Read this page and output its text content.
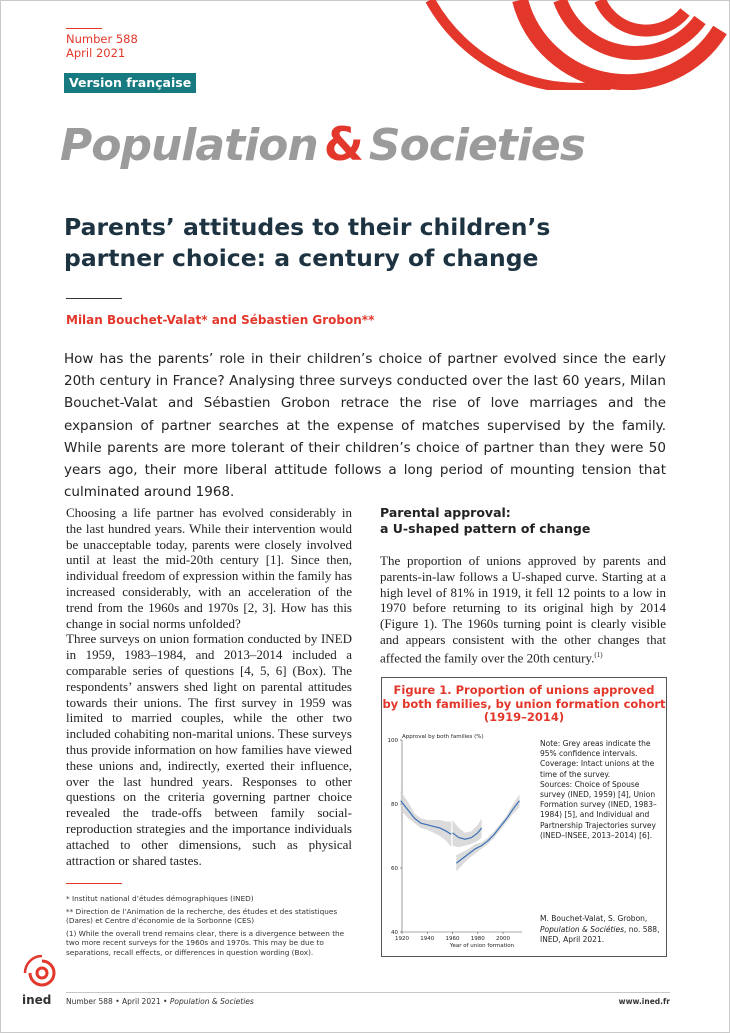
Number 588
April 2021
Version française
Population & Societies
Parents’ attitudes to their children’s partner choice: a century of change
Milan Bouchet-Valat* and Sébastien Grobon**
How has the parents’ role in their children’s choice of partner evolved since the early 20th century in France? Analysing three surveys conducted over the last 60 years, Milan Bouchet-Valat and Sébastien Grobon retrace the rise of love marriages and the expansion of partner searches at the expense of matches supervised by the family. While parents are more tolerant of their children’s choice of partner than they were 50 years ago, their more liberal attitude follows a long period of mounting tension that culminated around 1968.

Choosing a life partner has evolved considerably in the last hundred years. While their intervention would be unacceptable today, parents were closely involved until at least the mid-20th century [1]. Since then, individual freedom of expression within the family has increased considerably, with an acceleration of the trend from the 1960s and 1970s [2, 3]. How has this change in social norms unfolded?

Three surveys on union formation conducted by INED in 1959, 1983–1984, and 2013–2014 included a comparable series of questions [4, 5, 6] (Box). The respondents’ answers shed light on parental attitudes towards their unions. The first survey in 1959 was limited to married couples, while the other two included cohabiting non-marital unions. These surveys thus provide information on how families have viewed these unions and, indirectly, exerted their influence, over the last hundred years. Responses to other questions on the criteria governing partner choice revealed the trade-offs between family social-reproduction strategies and the importance individuals attached to other dimensions, such as physical attraction or shared tastes.

Parental approval:
a U-shaped pattern of change
The proportion of unions approved by parents and parents-in-law follows a U-shaped curve. Starting at a high level of 81% in 1919, it fell 12 points to a low in 1970 before returning to its original high by 2014 (Figure 1). The 1960s turning point is clearly visible and appears consistent with the other changes that affected the family over the 20th century.$^{(1)}$
Figure 1. Proportion of unions approved
by both families, by union formation cohort
(1919–2014)
40
60
80
100
1920 1940 1960 1980 2000
Approval by both families (%)
Year of union formation
Note: Grey areas indicate the 95% confidence intervals.
Coverage: Intact unions at the time of the survey.
Sources: Choice of Spouse survey (INED, 1959) [4], Union Formation survey (INED, 1983–1984) [5], and Individual and Partnership Trajectories survey (INED–INSEE, 2013–2014) [6].
M. Bouchet-Valat, S. Grobon,
Population & Sociéties, no. 588,
INED, April 2021.

* Institut national d’études démographiques (INED)

** Direction de l’Animation de la recherche, des études et des statistiques (Dares) et Centre d’économie de la Sorbonne (CES)

(1) While the overall trend remains clear, there is a divergence between the two more recent surveys for the 1960s and 1970s. This may be due to separations, recall effects, or differences in question wording (Box).

ined Number 588 • April 2021 • Population & Societies	www.ined.fr
